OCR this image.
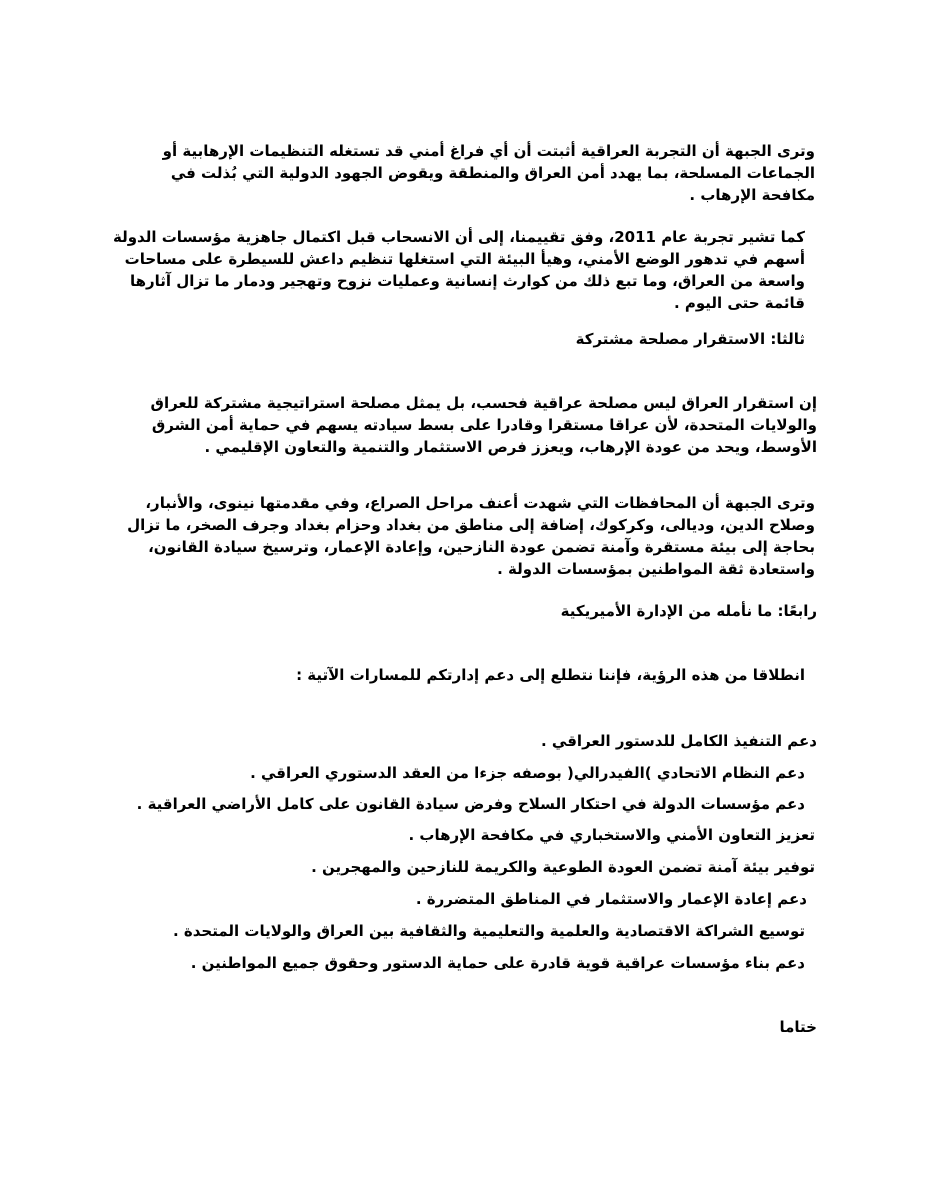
وترى الجبهة أن التجربة العراقية أثبتت أن أي فراغ أمني قد تستغله التنظيمات الإرهابية أو الجماعات المسلحة، بما يهدد أمن العراق والمنطقة ويقوض الجهود الدولية التي بُذلت في مكافحة الإرهاب .

كما تشير تجربة عام 2011، وفق تقييمنا، إلى أن الانسحاب قبل اكتمال جاهزية مؤسسات الدولة أسهم في تدهور الوضع الأمني، وهيأ البيئة التي استغلها تنظيم داعش للسيطرة على مساحات واسعة من العراق، وما تبع ذلك من كوارث إنسانية وعمليات نزوح وتهجير ودمار ما تزال آثارها قائمة حتى اليوم .

ثالثا: الاستقرار مصلحة مشتركة

إن استقرار العراق ليس مصلحة عراقية فحسب، بل يمثل مصلحة استراتيجية مشتركة للعراق والولايات المتحدة، لأن عراقا مستقرا وقادرا على بسط سيادته يسهم في حماية أمن الشرق الأوسط، ويحد من عودة الإرهاب، ويعزز فرص الاستثمار والتنمية والتعاون الإقليمي .

وترى الجبهة أن المحافظات التي شهدت أعنف مراحل الصراع، وفي مقدمتها نينوى، والأنبار، وصلاح الدين، وديالى، وكركوك، إضافة إلى مناطق من بغداد وحزام بغداد وجرف الصخر، ما تزال بحاجة إلى بيئة مستقرة وآمنة تضمن عودة النازحين، وإعادة الإعمار، وترسيخ سيادة القانون، واستعادة ثقة المواطنين بمؤسسات الدولة .

رابعًا: ما نأمله من الإدارة الأميريكية

انطلاقا من هذه الرؤية، فإننا نتطلع إلى دعم إدارتكم للمسارات الآتية :

دعم التنفيذ الكامل للدستور العراقي .

دعم النظام الاتحادي )الفيدرالي( بوصفه جزءا من العقد الدستوري العراقي .

دعم مؤسسات الدولة في احتكار السلاح وفرض سيادة القانون على كامل الأراضي العراقية .

تعزيز التعاون الأمني والاستخباري في مكافحة الإرهاب .

توفير بيئة آمنة تضمن العودة الطوعية والكريمة للنازحين والمهجرين .

دعم إعادة الإعمار والاستثمار في المناطق المتضررة .

توسيع الشراكة الاقتصادية والعلمية والتعليمية والثقافية بين العراق والولايات المتحدة .

دعم بناء مؤسسات عراقية قوية قادرة على حماية الدستور وحقوق جميع المواطنين .

ختاما
